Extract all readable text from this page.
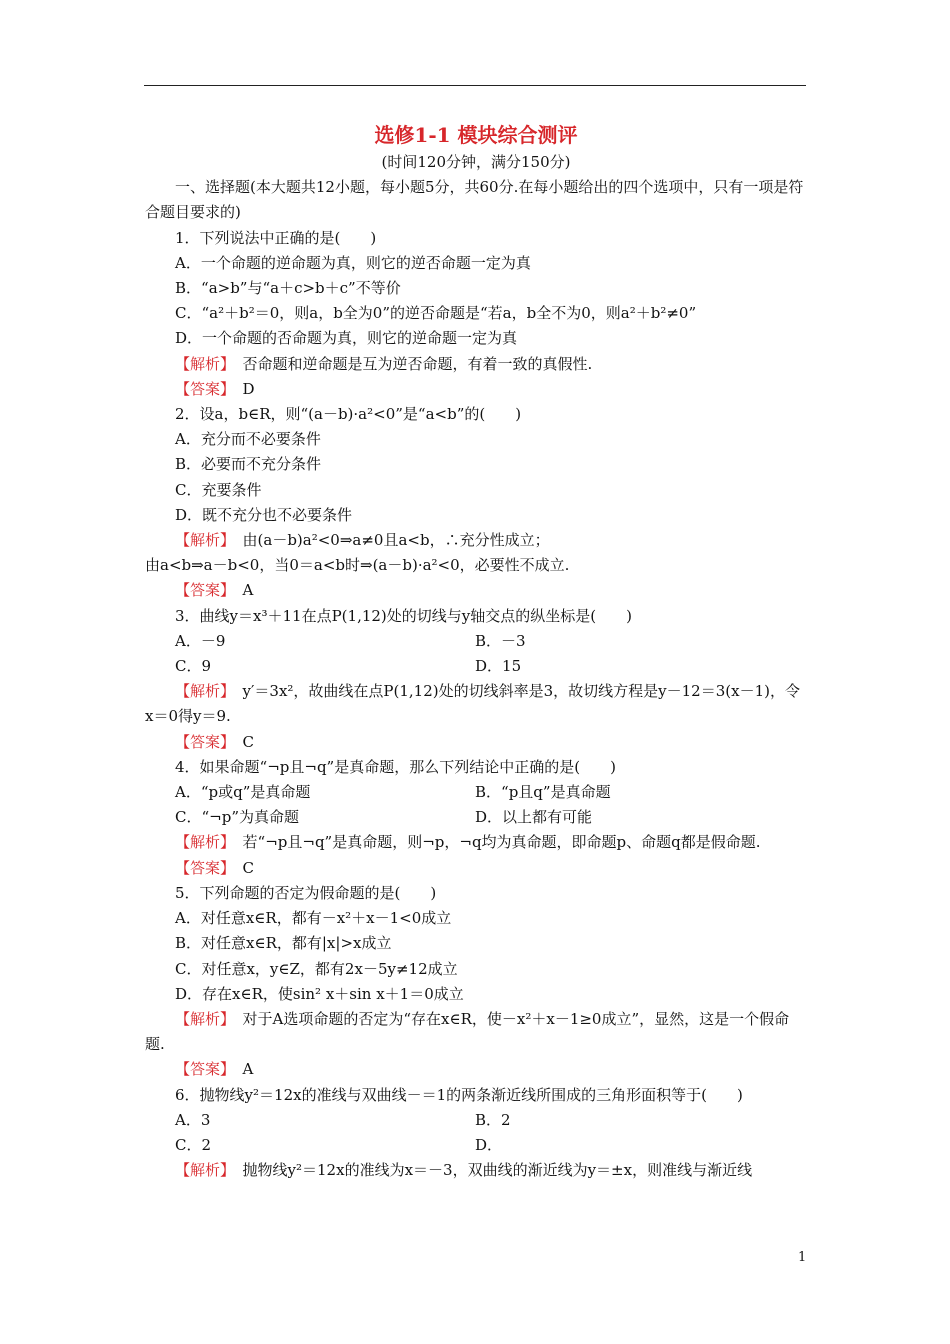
选修1-1 模块综合测评
(时间120分钟，满分150分)

一、选择题(本大题共12小题，每小题5分，共60分.在每小题给出的四个选项中，只有一项是符合题目要求的)

1．下列说法中正确的是(　　)

A．一个命题的逆命题为真，则它的逆否命题一定为真

B．“a>b”与“a＋c>b＋c”不等价

C．“a²＋b²＝0，则a，b全为0”的逆否命题是“若a，b全不为0，则a²＋b²≠0”

D．一个命题的否命题为真，则它的逆命题一定为真

【解析】　 否命题和逆命题是互为逆否命题，有着一致的真假性.

【答案】　 D

2．设a，b∈R，则“(a－b)·a²<0”是“a<b”的(　　)

A．充分而不必要条件

B．必要而不充分条件

C．充要条件

D．既不充分也不必要条件

【解析】　 由(a－b)a²<0⇒a≠0且a<b，∴充分性成立；

由a<b⇒a－b<0，当0＝a<b时⇒(a－b)·a²<0，必要性不成立.

【答案】　 A

3．曲线y＝x³＋11在点P(1,12)处的切线与y轴交点的纵坐标是(　　)

A．－9	B．－3
C．9	D．15

【解析】　 y′＝3x²，故曲线在点P(1,12)处的切线斜率是3，故切线方程是y－12＝3(x－1)，令x＝0得y＝9.

【答案】　 C

4．如果命题“¬p且¬q”是真命题，那么下列结论中正确的是(　　)

A．“p或q”是真命题	B．“p且q”是真命题
C．“¬p”为真命题	D．以上都有可能

【解析】　 若“¬p且¬q”是真命题，则¬p，¬q均为真命题，即命题p、命题q都是假命题.

【答案】　 C

5．下列命题的否定为假命题的是(　　)

A．对任意x∈R，都有－x²＋x－1<0成立

B．对任意x∈R，都有|x|>x成立

C．对任意x，y∈Z，都有2x－5y≠12成立

D．存在x∈R，使sin² x＋sin x＋1＝0成立

【解析】　 对于A选项命题的否定为“存在x∈R，使－x²＋x－1≥0成立”，显然，这是一个假命题.

【答案】　 A

6．抛物线y²＝12x的准线与双曲线－＝1的两条渐近线所围成的三角形面积等于(　　)

A．3	B．2
C．2	D．

【解析】　 抛物线y²＝12x的准线为x＝－3，双曲线的渐近线为y＝±x，则准线与渐近线

1
